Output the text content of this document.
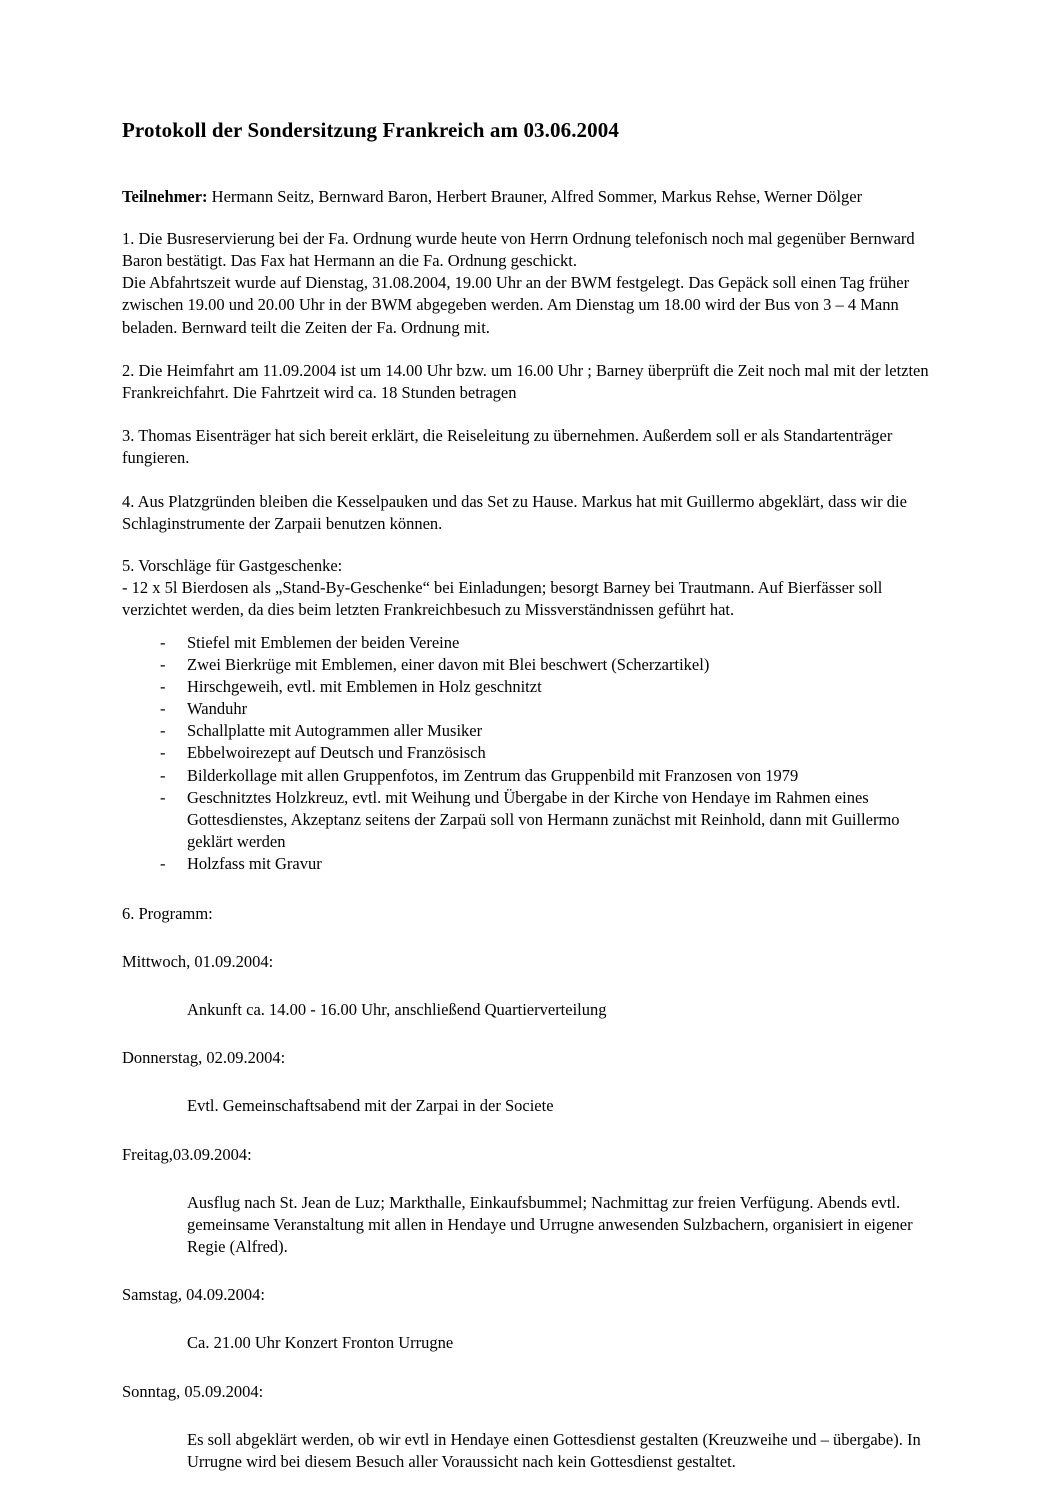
Protokoll der Sondersitzung Frankreich am 03.06.2004

Teilnehmer: Hermann Seitz, Bernward Baron, Herbert Brauner, Alfred Sommer, Markus Rehse, Werner Dölger

1. Die Busreservierung bei der Fa. Ordnung wurde heute von Herrn Ordnung telefonisch noch mal gegenüber Bernward Baron bestätigt. Das Fax hat Hermann an die Fa. Ordnung geschickt.
Die Abfahrtszeit wurde auf Dienstag, 31.08.2004, 19.00 Uhr an der BWM festgelegt. Das Gepäck soll einen Tag früher zwischen 19.00 und 20.00 Uhr in der BWM abgegeben werden. Am Dienstag um 18.00 wird der Bus von 3 – 4 Mann beladen. Bernward teilt die Zeiten der Fa. Ordnung mit.

2. Die Heimfahrt am 11.09.2004 ist um 14.00 Uhr bzw. um 16.00 Uhr ; Barney überprüft die Zeit noch mal mit der letzten Frankreichfahrt. Die Fahrtzeit wird ca. 18 Stunden betragen

3. Thomas Eisenträger hat sich bereit erklärt, die Reiseleitung zu übernehmen. Außerdem soll er als Standartenträger fungieren.

4. Aus Platzgründen bleiben die Kesselpauken und das Set zu Hause. Markus hat mit Guillermo abgeklärt, dass wir die Schlaginstrumente der Zarpaii benutzen können.

5. Vorschläge für Gastgeschenke:
- 12 x 5l Bierdosen als „Stand-By-Geschenke“ bei Einladungen; besorgt Barney bei Trautmann. Auf Bierfässer soll verzichtet werden, da dies beim letzten Frankreichbesuch zu Missverständnissen geführt hat.

- Stiefel mit Emblemen der beiden Vereine
- Zwei Bierkrüge mit Emblemen, einer davon mit Blei beschwert (Scherzartikel)
- Hirschgeweih, evtl. mit Emblemen in Holz geschnitzt
- Wanduhr
- Schallplatte mit Autogrammen aller Musiker
- Ebbelwoirezept auf Deutsch und Französisch
- Bilderkollage mit allen Gruppenfotos, im Zentrum das Gruppenbild mit Franzosen von 1979
- Geschnitztes Holzkreuz, evtl. mit Weihung und Übergabe in der Kirche von Hendaye im Rahmen eines Gottesdienstes, Akzeptanz seitens der Zarpaü soll von Hermann zunächst mit Reinhold, dann mit Guillermo geklärt werden
- Holzfass mit Gravur

6. Programm:

Mittwoch, 01.09.2004:

Ankunft ca. 14.00 - 16.00 Uhr, anschließend Quartierverteilung

Donnerstag, 02.09.2004:

Evtl. Gemeinschaftsabend mit der Zarpai in der Societe

Freitag,03.09.2004:

Ausflug nach St. Jean de Luz; Markthalle, Einkaufsbummel; Nachmittag zur freien Verfügung. Abends evtl. gemeinsame Veranstaltung mit allen in Hendaye und Urrugne anwesenden Sulzbachern, organisiert in eigener Regie (Alfred).

Samstag, 04.09.2004:

Ca. 21.00 Uhr Konzert Fronton Urrugne

Sonntag, 05.09.2004:

Es soll abgeklärt werden, ob wir evtl in Hendaye einen Gottesdienst gestalten (Kreuzweihe und – übergabe). In Urrugne wird bei diesem Besuch aller Voraussicht nach kein Gottesdienst gestaltet.
